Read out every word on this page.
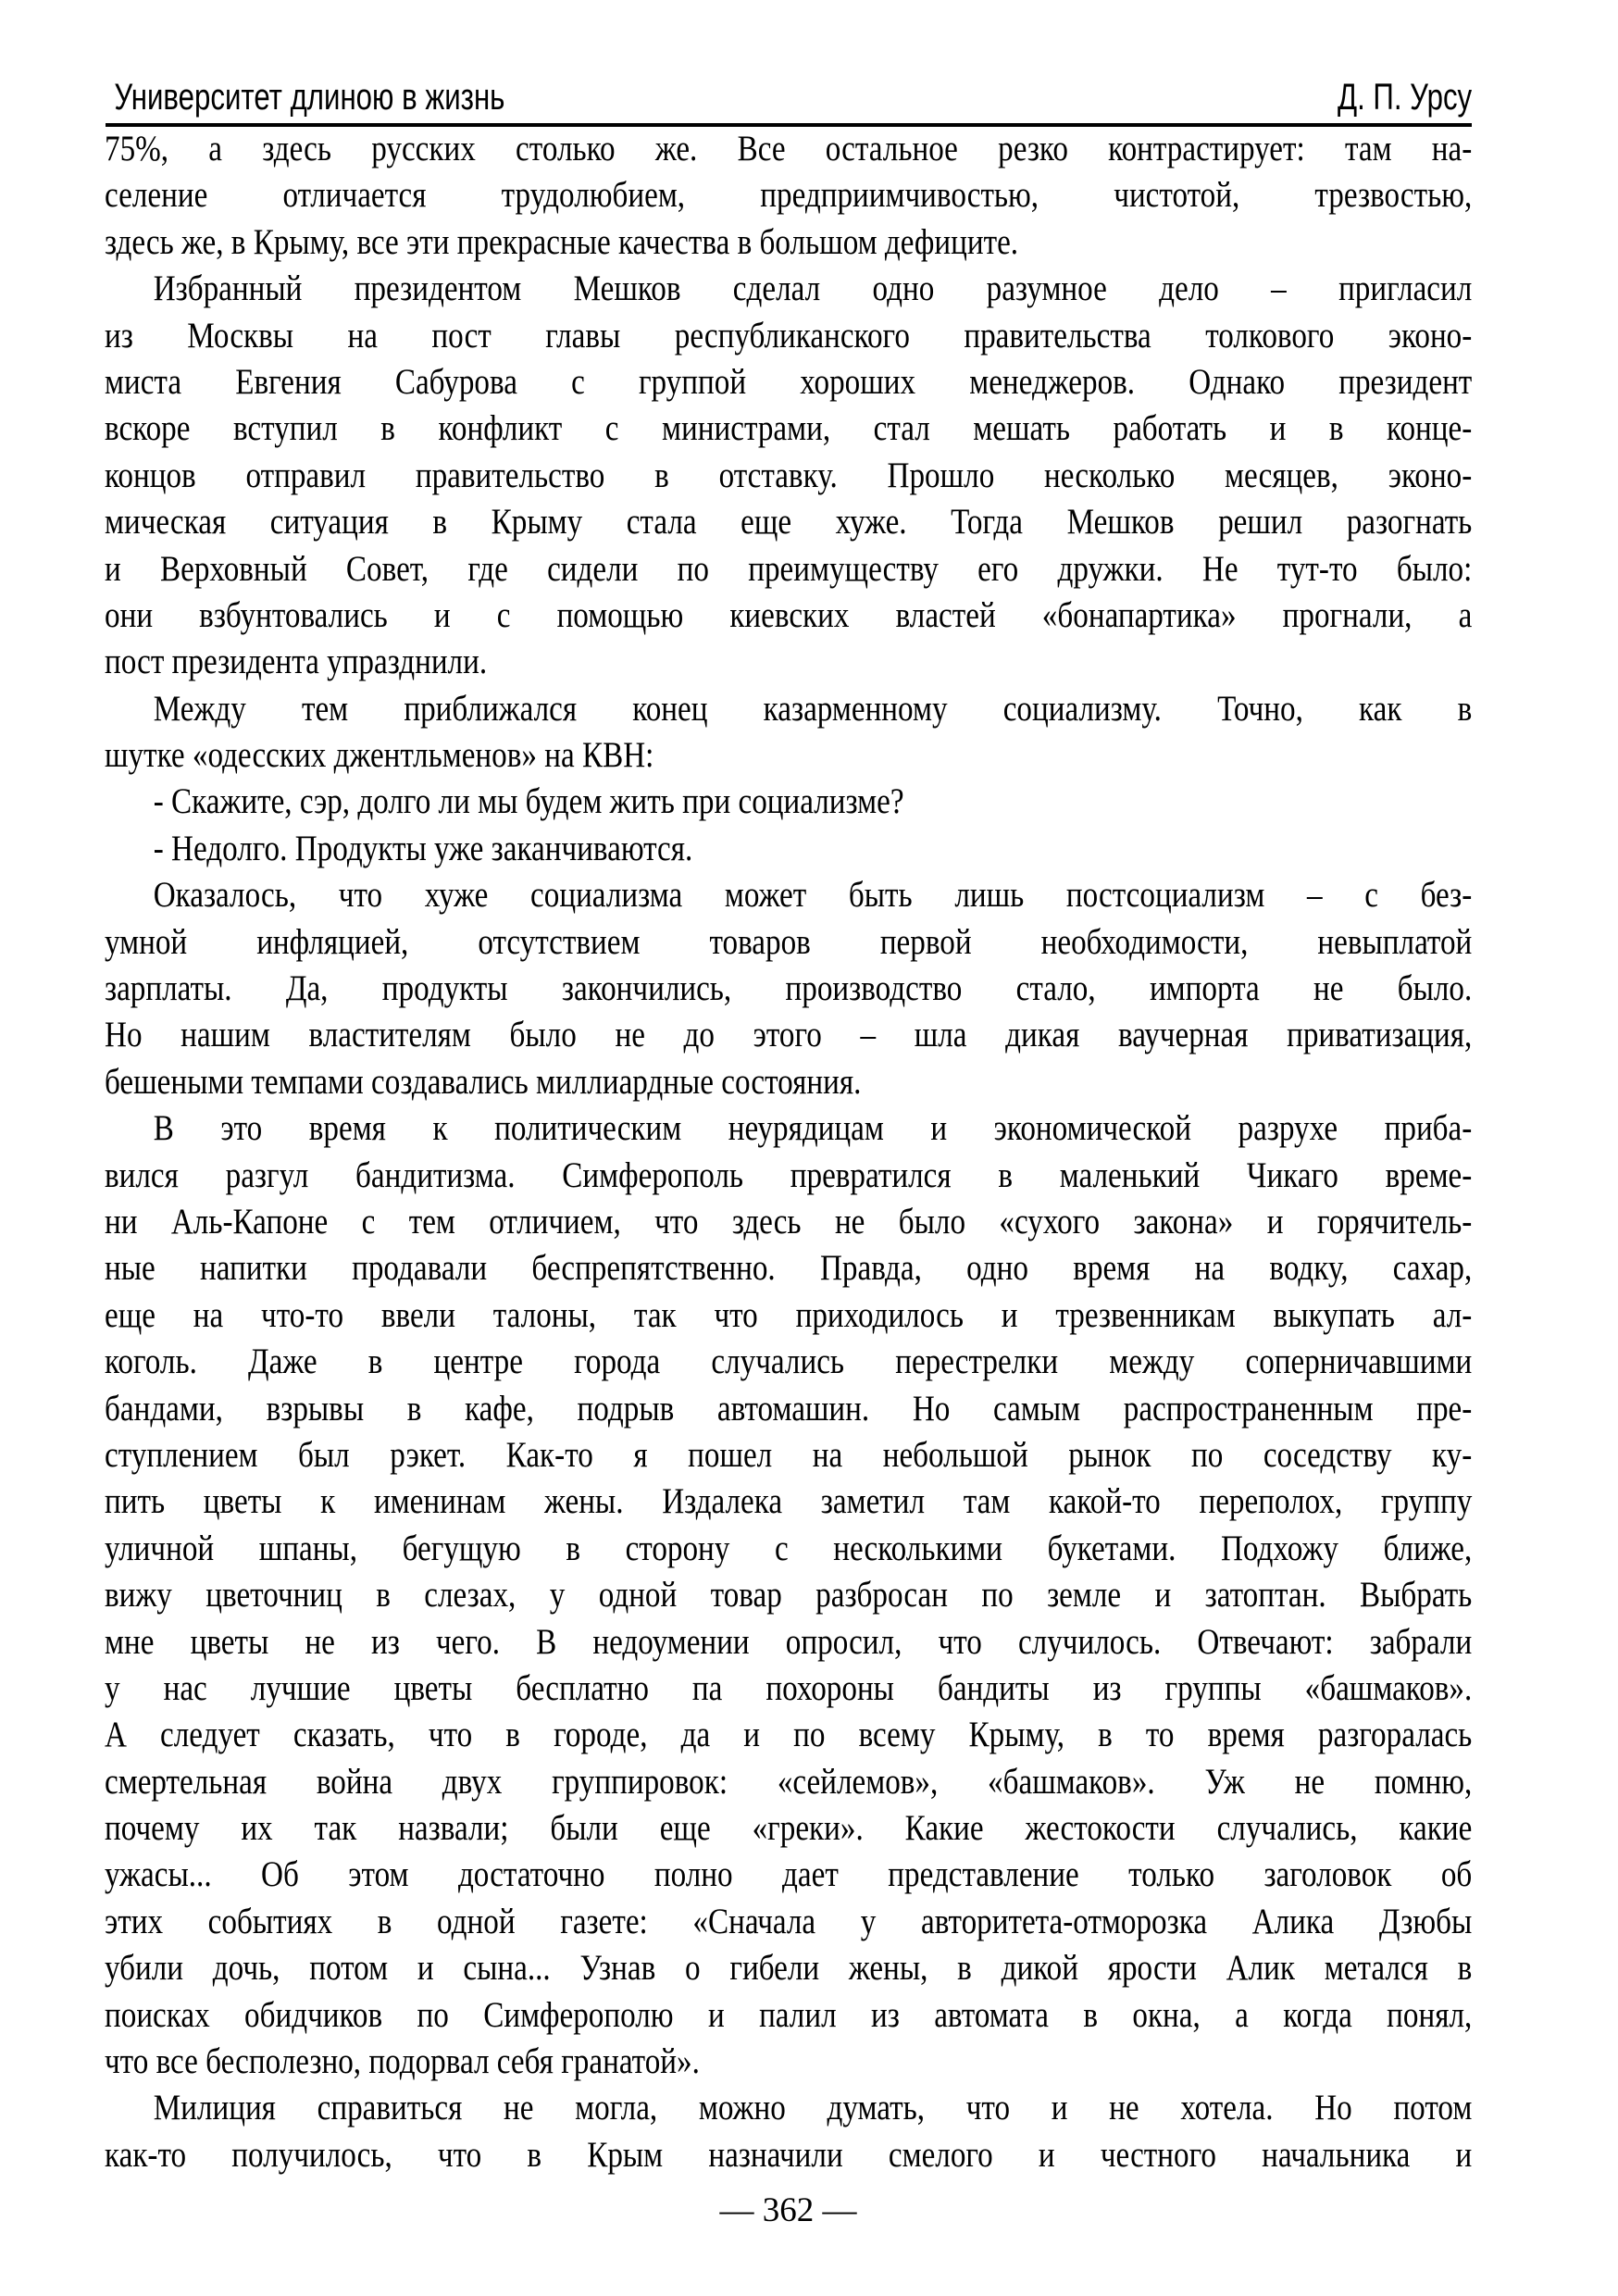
Университет длиною в жизнь	Д. П. Урсу
75%, а здесь русских столько же. Все остальное резко контрастирует: там на-
селение отличается трудолюбием, предприимчивостью, чистотой, трезвостью,
здесь же, в Крыму, все эти прекрасные качества в большом дефиците.
Избранный президентом Мешков сделал одно разумное дело – пригласил
из Москвы на пост главы республиканского правительства толкового эконо-
миста Евгения Сабурова с группой хороших менеджеров. Однако президент
вскоре вступил в конфликт с министрами, стал мешать работать и в конце-
концов отправил правительство в отставку. Прошло несколько месяцев, эконо-
мическая ситуация в Крыму стала еще хуже. Тогда Мешков решил разогнать
и Верховный Совет, где сидели по преимуществу его дружки. Не тут-то было:
они взбунтовались и с помощью киевских властей «бонапартика» прогнали, а
пост президента упразднили.
Между тем приближался конец казарменному социализму. Точно, как в
шутке «одесских джентльменов» на КВН:
- Скажите, сэр, долго ли мы будем жить при социализме?
- Недолго. Продукты уже заканчиваются.
Оказалось, что хуже социализма может быть лишь постсоциализм – с без-
умной инфляцией, отсутствием товаров первой необходимости, невыплатой
зарплаты. Да, продукты закончились, производство стало, импорта не было.
Но нашим властителям было не до этого – шла дикая ваучерная приватизация,
бешеными темпами создавались миллиардные состояния.
В это время к политическим неурядицам и экономической разрухе приба-
вился разгул бандитизма. Симферополь превратился в маленький Чикаго време-
ни Аль-Капоне с тем отличием, что здесь не было «сухого закона» и горячитель-
ные напитки продавали беспрепятственно. Правда, одно время на водку, сахар,
еще на что-то ввели талоны, так что приходилось и трезвенникам выкупать ал-
коголь. Даже в центре города случались перестрелки между соперничавшими
бандами, взрывы в кафе, подрыв автомашин. Но самым распространенным пре-
ступлением был рэкет. Как-то я пошел на небольшой рынок по соседству ку-
пить цветы к именинам жены. Издалека заметил там какой-то переполох, группу
уличной шпаны, бегущую в сторону с несколькими букетами. Подхожу ближе,
вижу цветочниц в слезах, у одной товар разбросан по земле и затоптан. Выбрать
мне цветы не из чего. В недоумении опросил, что случилось. Отвечают: забрали
у нас лучшие цветы бесплатно па похороны бандиты из группы «башмаков».
А следует сказать, что в городе, да и по всему Крыму, в то время разгоралась
смертельная война двух группировок: «сейлемов», «башмаков». Уж не помню,
почему их так назвали; были еще «греки». Какие жестокости случались, какие
ужасы... Об этом достаточно полно дает представление только заголовок об
этих событиях в одной газете: «Сначала у авторитета-отморозка Алика Дзюбы
убили дочь, потом и сына... Узнав о гибели жены, в дикой ярости Алик метался в
поисках обидчиков по Симферополю и палил из автомата в окна, а когда понял,
что все бесполезно, подорвал себя гранатой».
Милиция справиться не могла, можно думать, что и не хотела. Но потом
как-то получилось, что в Крым назначили смелого и честного начальника и
— 362 —
